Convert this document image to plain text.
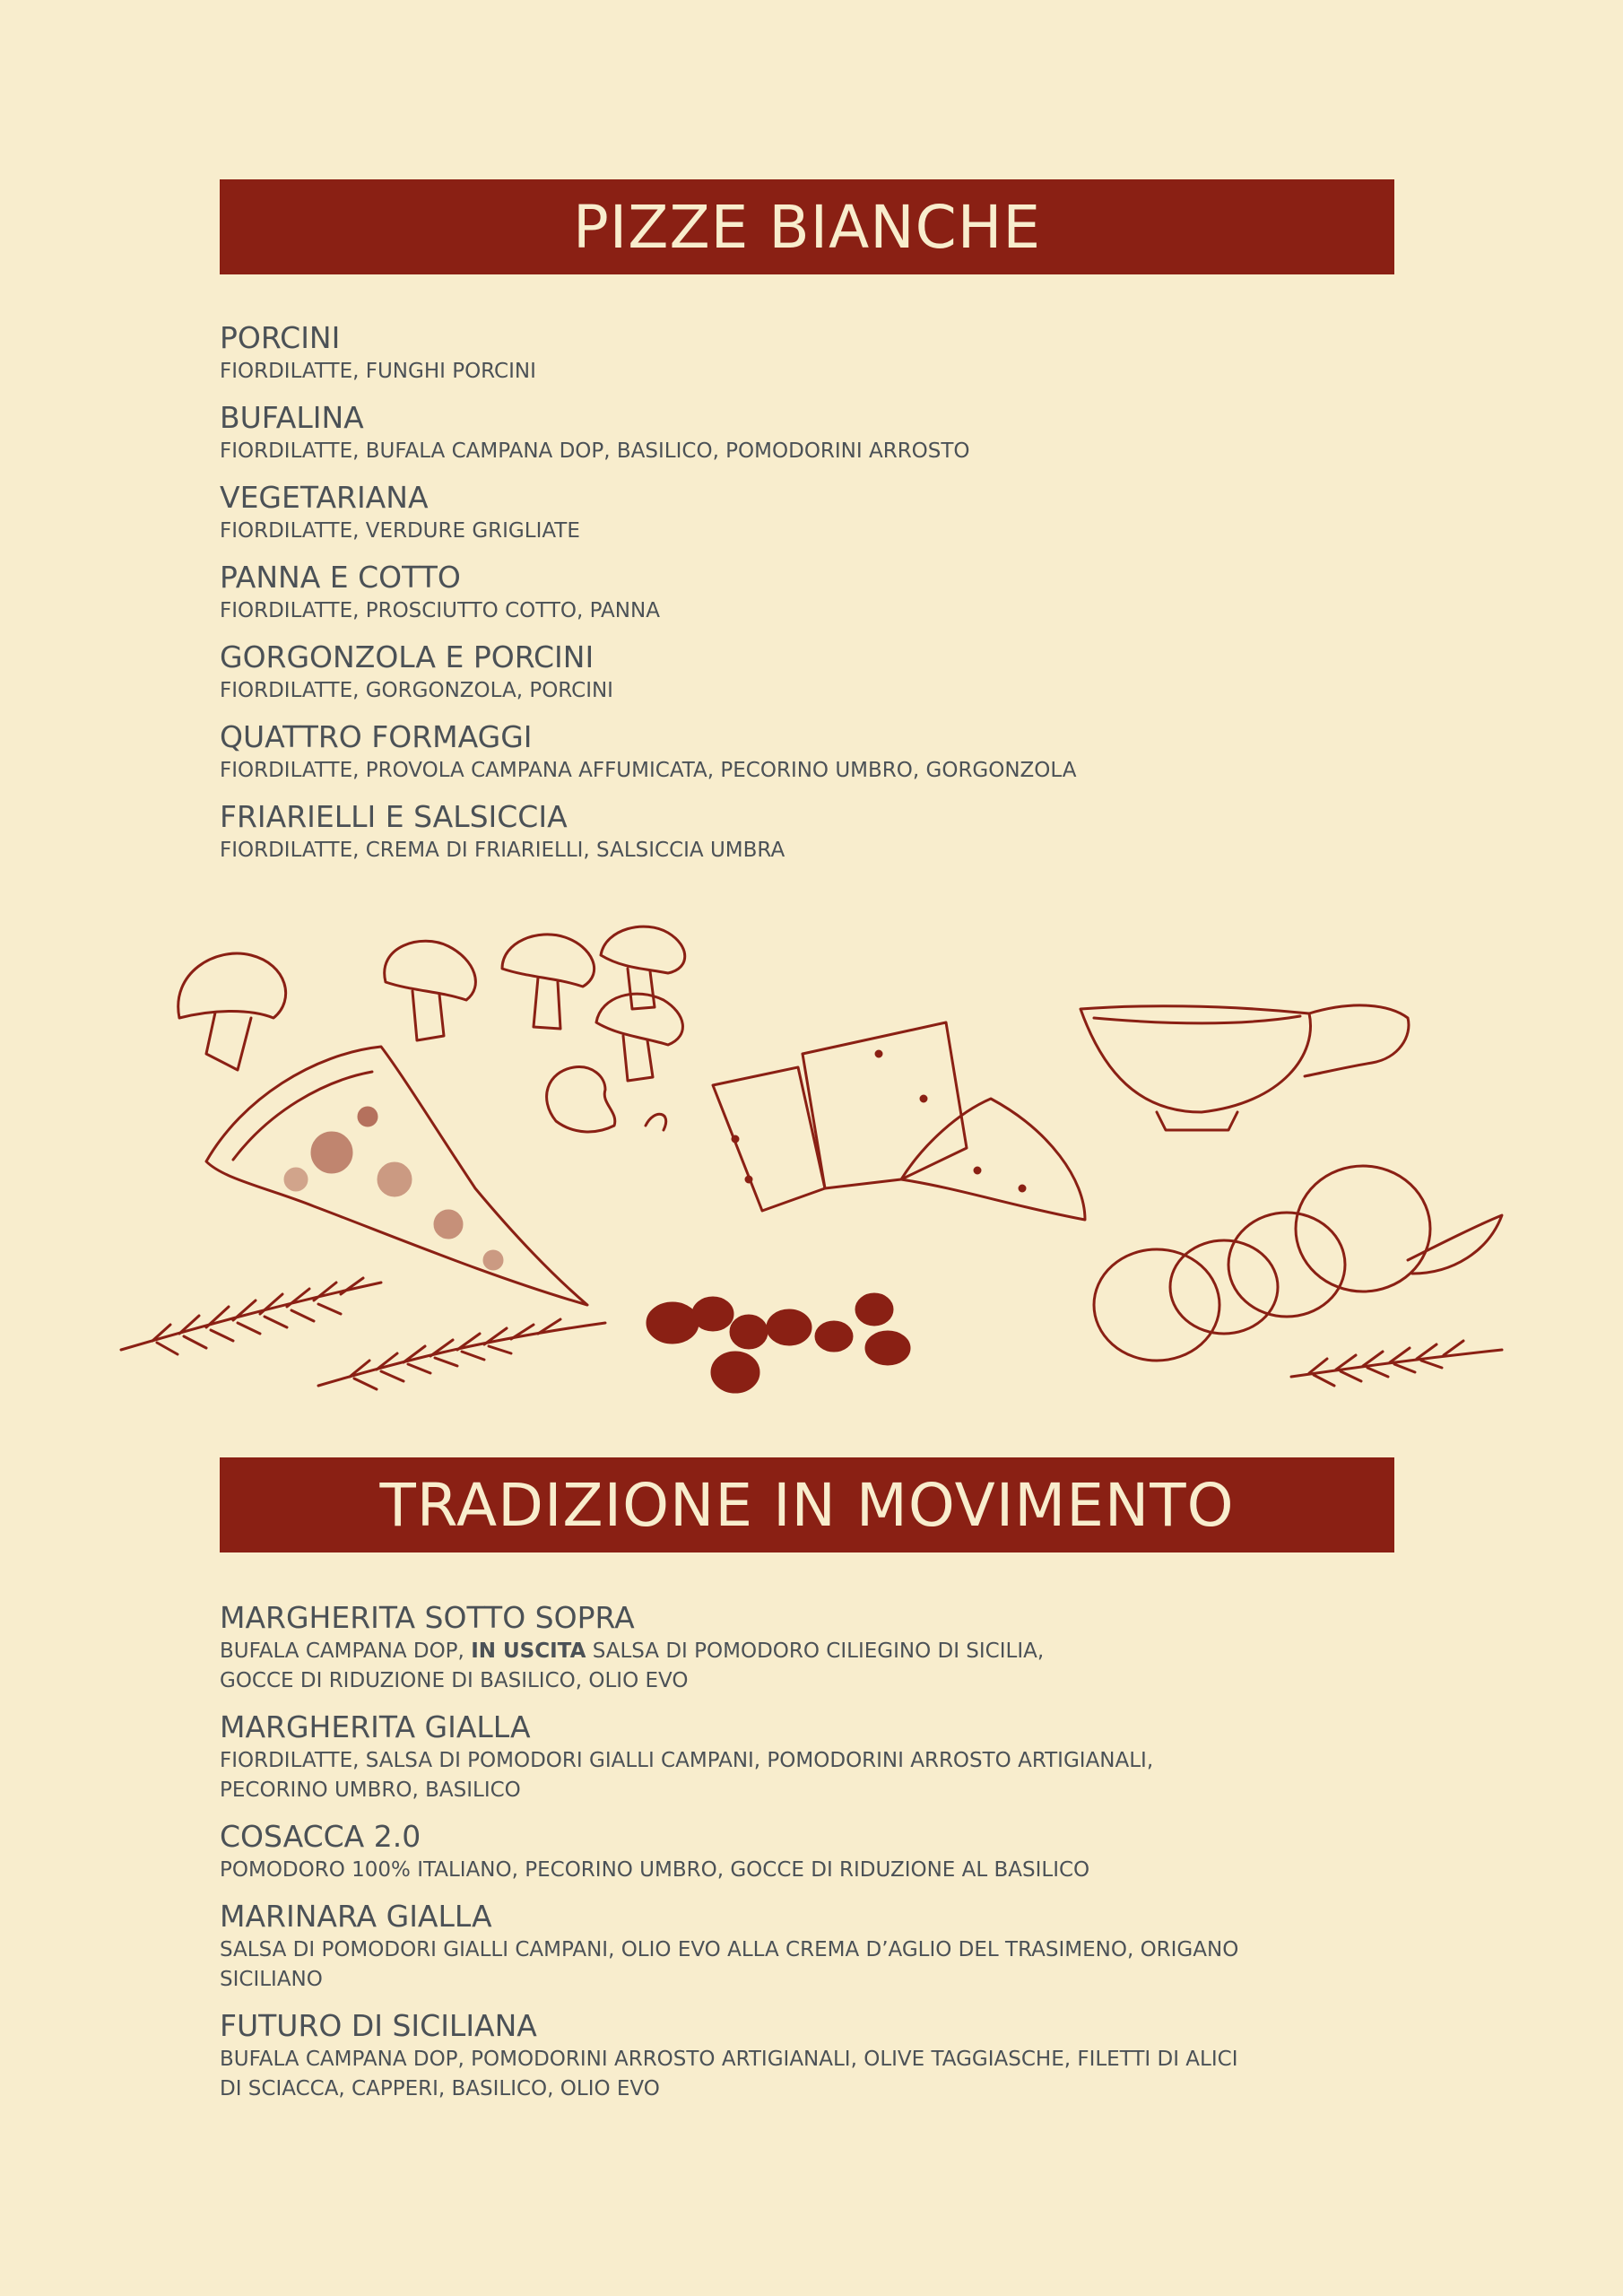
PIZZE BIANCHE
PORCINI
FIORDILATTE, FUNGHI PORCINI
BUFALINA
FIORDILATTE, BUFALA CAMPANA DOP, BASILICO, POMODORINI ARROSTO
VEGETARIANA
FIORDILATTE, VERDURE GRIGLIATE
PANNA E COTTO
FIORDILATTE, PROSCIUTTO COTTO, PANNA
GORGONZOLA E PORCINI
FIORDILATTE, GORGONZOLA, PORCINI
QUATTRO FORMAGGI
FIORDILATTE, PROVOLA CAMPANA AFFUMICATA, PECORINO UMBRO, GORGONZOLA
FRIARIELLI E SALSICCIA
FIORDILATTE, CREMA DI FRIARIELLI, SALSICCIA UMBRA
TRADIZIONE IN MOVIMENTO
MARGHERITA SOTTO SOPRA
BUFALA CAMPANA DOP, IN USCITA SALSA DI POMODORO CILIEGINO DI SICILIA,
GOCCE DI RIDUZIONE DI BASILICO, OLIO EVO
MARGHERITA GIALLA
FIORDILATTE, SALSA DI POMODORI GIALLI CAMPANI, POMODORINI ARROSTO ARTIGIANALI,
PECORINO UMBRO, BASILICO
COSACCA 2.0
POMODORO 100% ITALIANO, PECORINO UMBRO, GOCCE DI RIDUZIONE AL BASILICO
MARINARA GIALLA
SALSA DI POMODORI GIALLI CAMPANI, OLIO EVO ALLA CREMA D’AGLIO DEL TRASIMENO, ORIGANO
SICILIANO
FUTURO DI SICILIANA
BUFALA CAMPANA DOP, POMODORINI ARROSTO ARTIGIANALI, OLIVE TAGGIASCHE, FILETTI DI ALICI
DI SCIACCA, CAPPERI, BASILICO, OLIO EVO
